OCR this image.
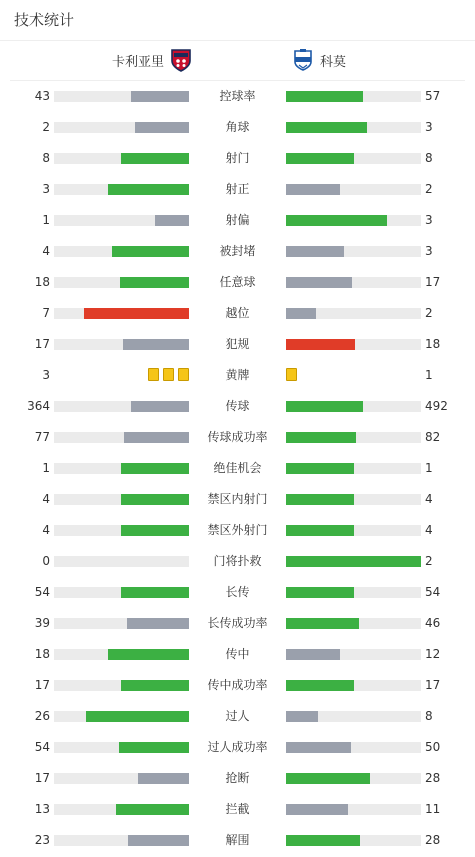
技术统计
卡利亚里	科莫
43	控球率	57
2	角球	3
8	射门	8
3	射正	2
1	射偏	3
4	被封堵	3
18	任意球	17
7	越位	2
17	犯规	18
3	黄牌	1
364	传球	492
77	传球成功率	82
1	绝佳机会	1
4	禁区内射门	4
4	禁区外射门	4
0	门将扑救	2
54	长传	54
39	长传成功率	46
18	传中	12
17	传中成功率	17
26	过人	8
54	过人成功率	50
17	抢断	28
13	拦截	11
23	解围	28
